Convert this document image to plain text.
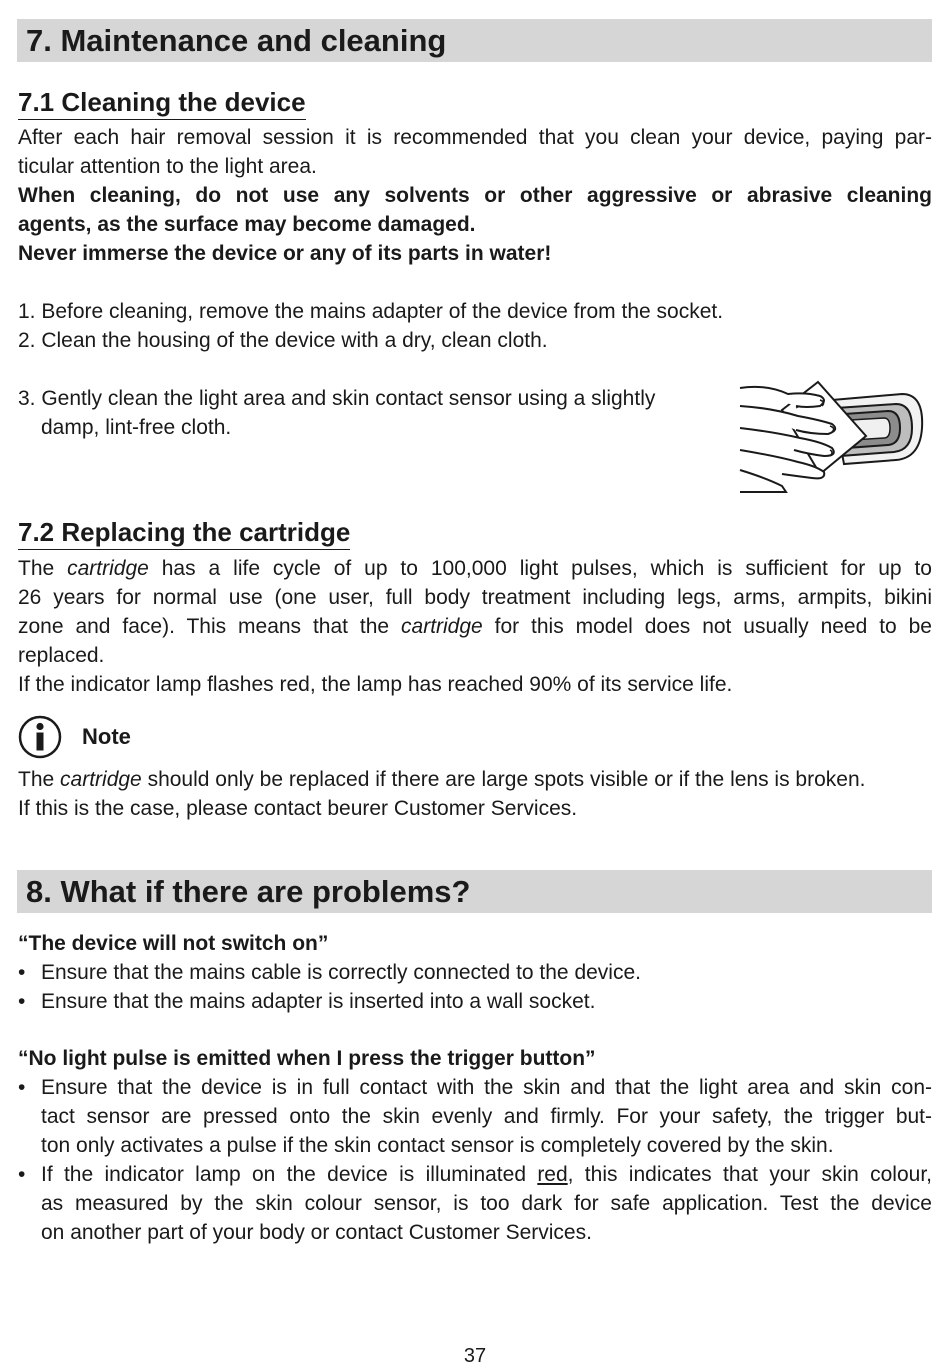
7. Maintenance and cleaning
7.1 Cleaning the device
After each hair removal session it is recommended that you clean your device, paying par-
ticular attention to the light area.
When cleaning, do not use any solvents or other aggressive or abrasive cleaning
agents, as the surface may become damaged.
Never immerse the device or any of its parts in water!
1. Before cleaning, remove the mains adapter of the device from the socket.
2. Clean the housing of the device with a dry, clean cloth.
3. Gently clean the light area and skin contact sensor using a slightly
damp, lint-free cloth.
7.2 Replacing the cartridge
The cartridge has a life cycle of up to 100,000 light pulses, which is sufficient for up to
26 years for normal use (one user, full body treatment including legs, arms, armpits, bikini
zone and face). This means that the cartridge for this model does not usually need to be
replaced.
If the indicator lamp flashes red, the lamp has reached 90% of its service life.
Note
The cartridge should only be replaced if there are large spots visible or if the lens is broken.
If this is the case, please contact beurer Customer Services.
8. What if there are problems?
“The device will not switch on”
• Ensure that the mains cable is correctly connected to the device.
• Ensure that the mains adapter is inserted into a wall socket.
“No light pulse is emitted when I press the trigger button”
• Ensure that the device is in full contact with the skin and that the light area and skin con-
tact sensor are pressed onto the skin evenly and firmly. For your safety, the trigger but-
ton only activates a pulse if the skin contact sensor is completely covered by the skin.
• If the indicator lamp on the device is illuminated red, this indicates that your skin colour,
as measured by the skin colour sensor, is too dark for safe application. Test the device
on another part of your body or contact Customer Services.
37
